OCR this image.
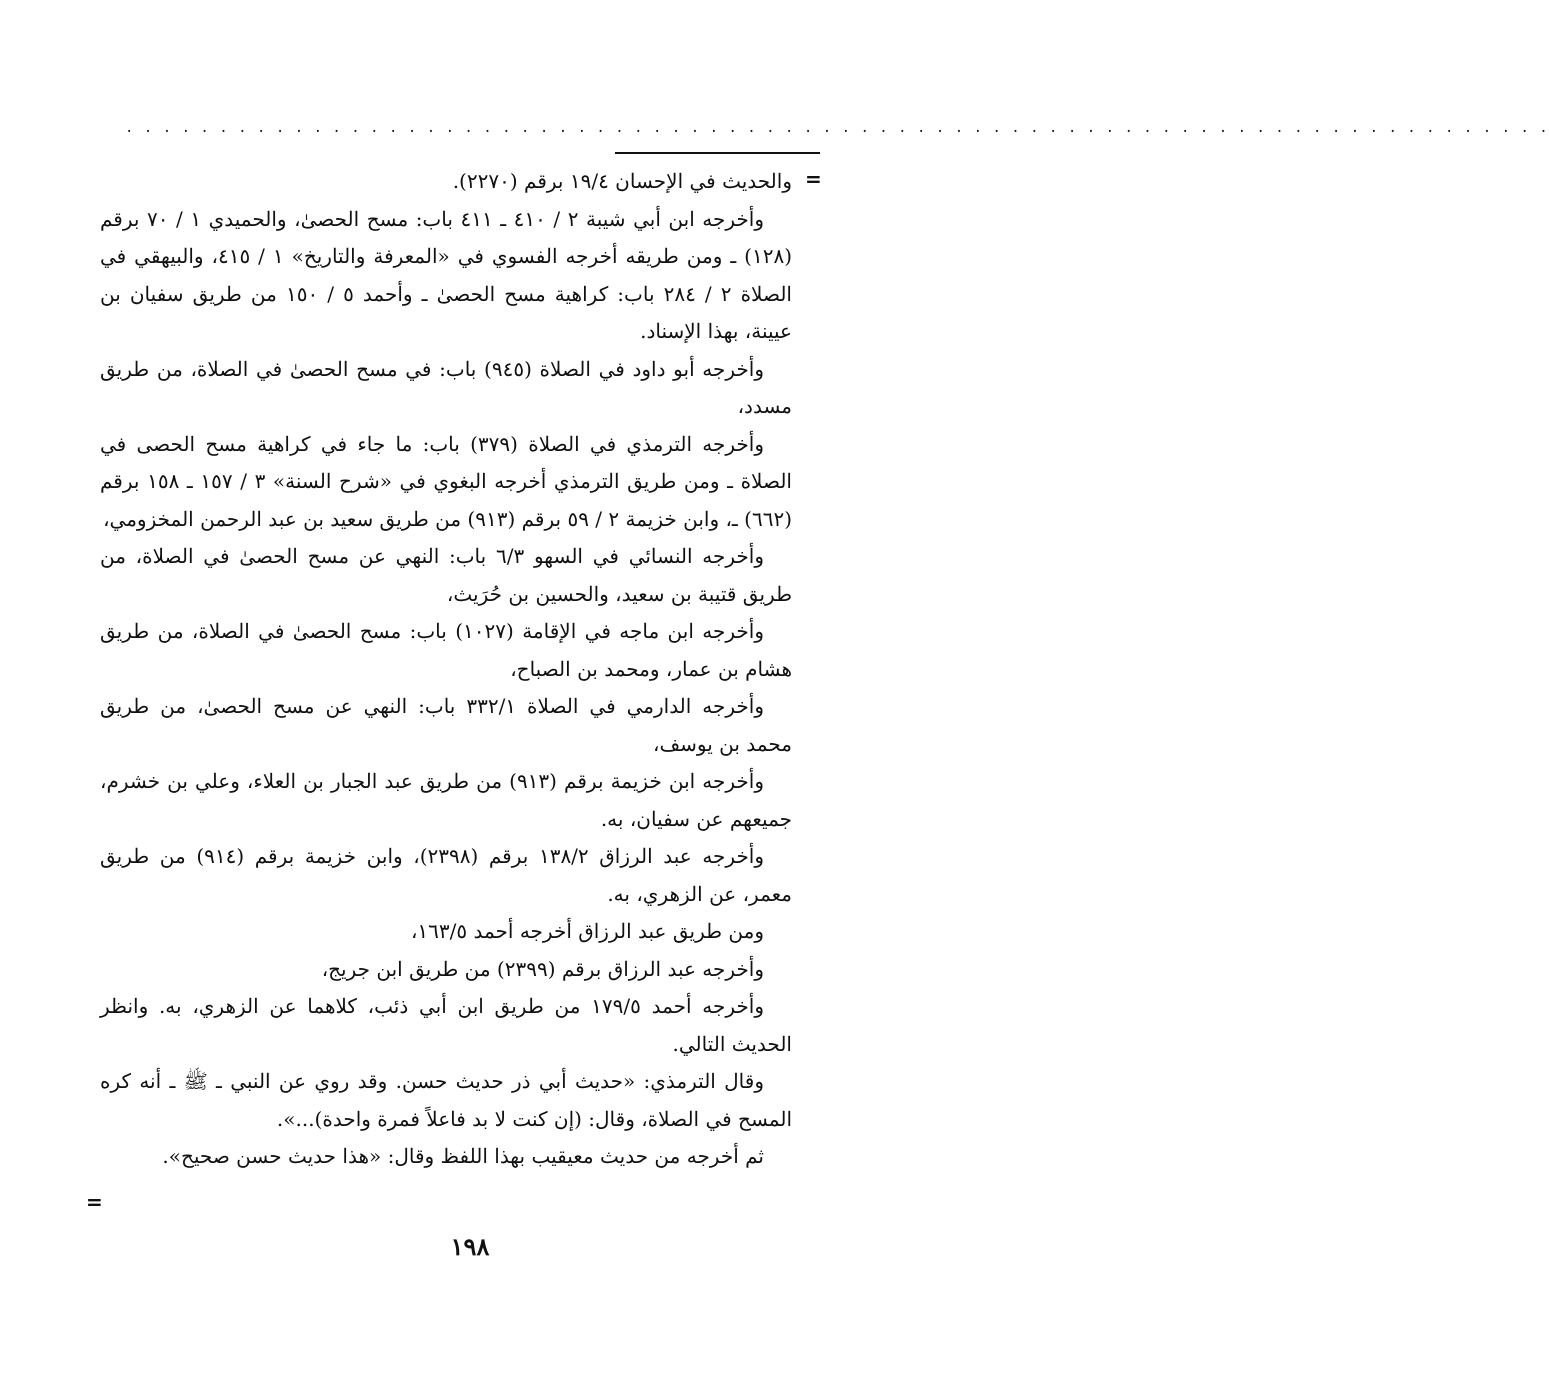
. . . . . . . . . . . . . . . . . . . . . . . . . . . . . . . . . . . . . . . . . . . . . . . . . . . . . . . . . . . . . . . . . . . . . . . . . . . .
=

والحديث في الإحسان ١٩/٤ برقم (٢٢٧٠).

وأخرجه ابن أبي شيبة ٢ / ٤١٠ ـ ٤١١ باب: مسح الحصىٰ، والحميدي ١ / ٧٠ برقم (١٢٨) ـ ومن طريقه أخرجه الفسوي في «المعرفة والتاريخ» ١ / ٤١٥، والبيهقي في الصلاة ٢ / ٢٨٤ باب: كراهية مسح الحصىٰ ـ وأحمد ٥ / ١٥٠ من طريق سفيان بن عيينة، بهذا الإسناد.

وأخرجه أبو داود في الصلاة (٩٤٥) باب: في مسح الحصىٰ في الصلاة، من طريق مسدد،

وأخرجه الترمذي في الصلاة (٣٧٩) باب: ما جاء في كراهية مسح الحصى في الصلاة ـ ومن طريق الترمذي أخرجه البغوي في «شرح السنة» ٣ / ١٥٧ ـ ١٥٨ برقم (٦٦٢) ـ، وابن خزيمة ٢ / ٥٩ برقم (٩١٣) من طريق سعيد بن عبد الرحمن المخزومي،

وأخرجه النسائي في السهو ٦/٣ باب: النهي عن مسح الحصىٰ في الصلاة، من طريق قتيبة بن سعيد، والحسين بن حُرَيث،

وأخرجه ابن ماجه في الإقامة (١٠٢٧) باب: مسح الحصىٰ في الصلاة، من طريق هشام بن عمار، ومحمد بن الصباح،

وأخرجه الدارمي في الصلاة ٣٣٢/١ باب: النهي عن مسح الحصىٰ، من طريق محمد بن يوسف،

وأخرجه ابن خزيمة برقم (٩١٣) من طريق عبد الجبار بن العلاء، وعلي بن خشرم، جميعهم عن سفيان، به.

وأخرجه عبد الرزاق ١٣٨/٢ برقم (٢٣٩٨)، وابن خزيمة برقم (٩١٤) من طريق معمر، عن الزهري، به.

ومن طريق عبد الرزاق أخرجه أحمد ١٦٣/٥،

وأخرجه عبد الرزاق برقم (٢٣٩٩) من طريق ابن جريج،

وأخرجه أحمد ١٧٩/٥ من طريق ابن أبي ذئب، كلاهما عن الزهري، به. وانظر الحديث التالي.

وقال الترمذي: «حديث أبي ذر حديث حسن. وقد روي عن النبي ـ ﷺ ـ أنه كره المسح في الصلاة، وقال: (إن كنت لا بد فاعلاً فمرة واحدة)...».

ثم أخرجه من حديث معيقيب بهذا اللفظ وقال: «هذا حديث حسن صحيح».

=
١٩٨
